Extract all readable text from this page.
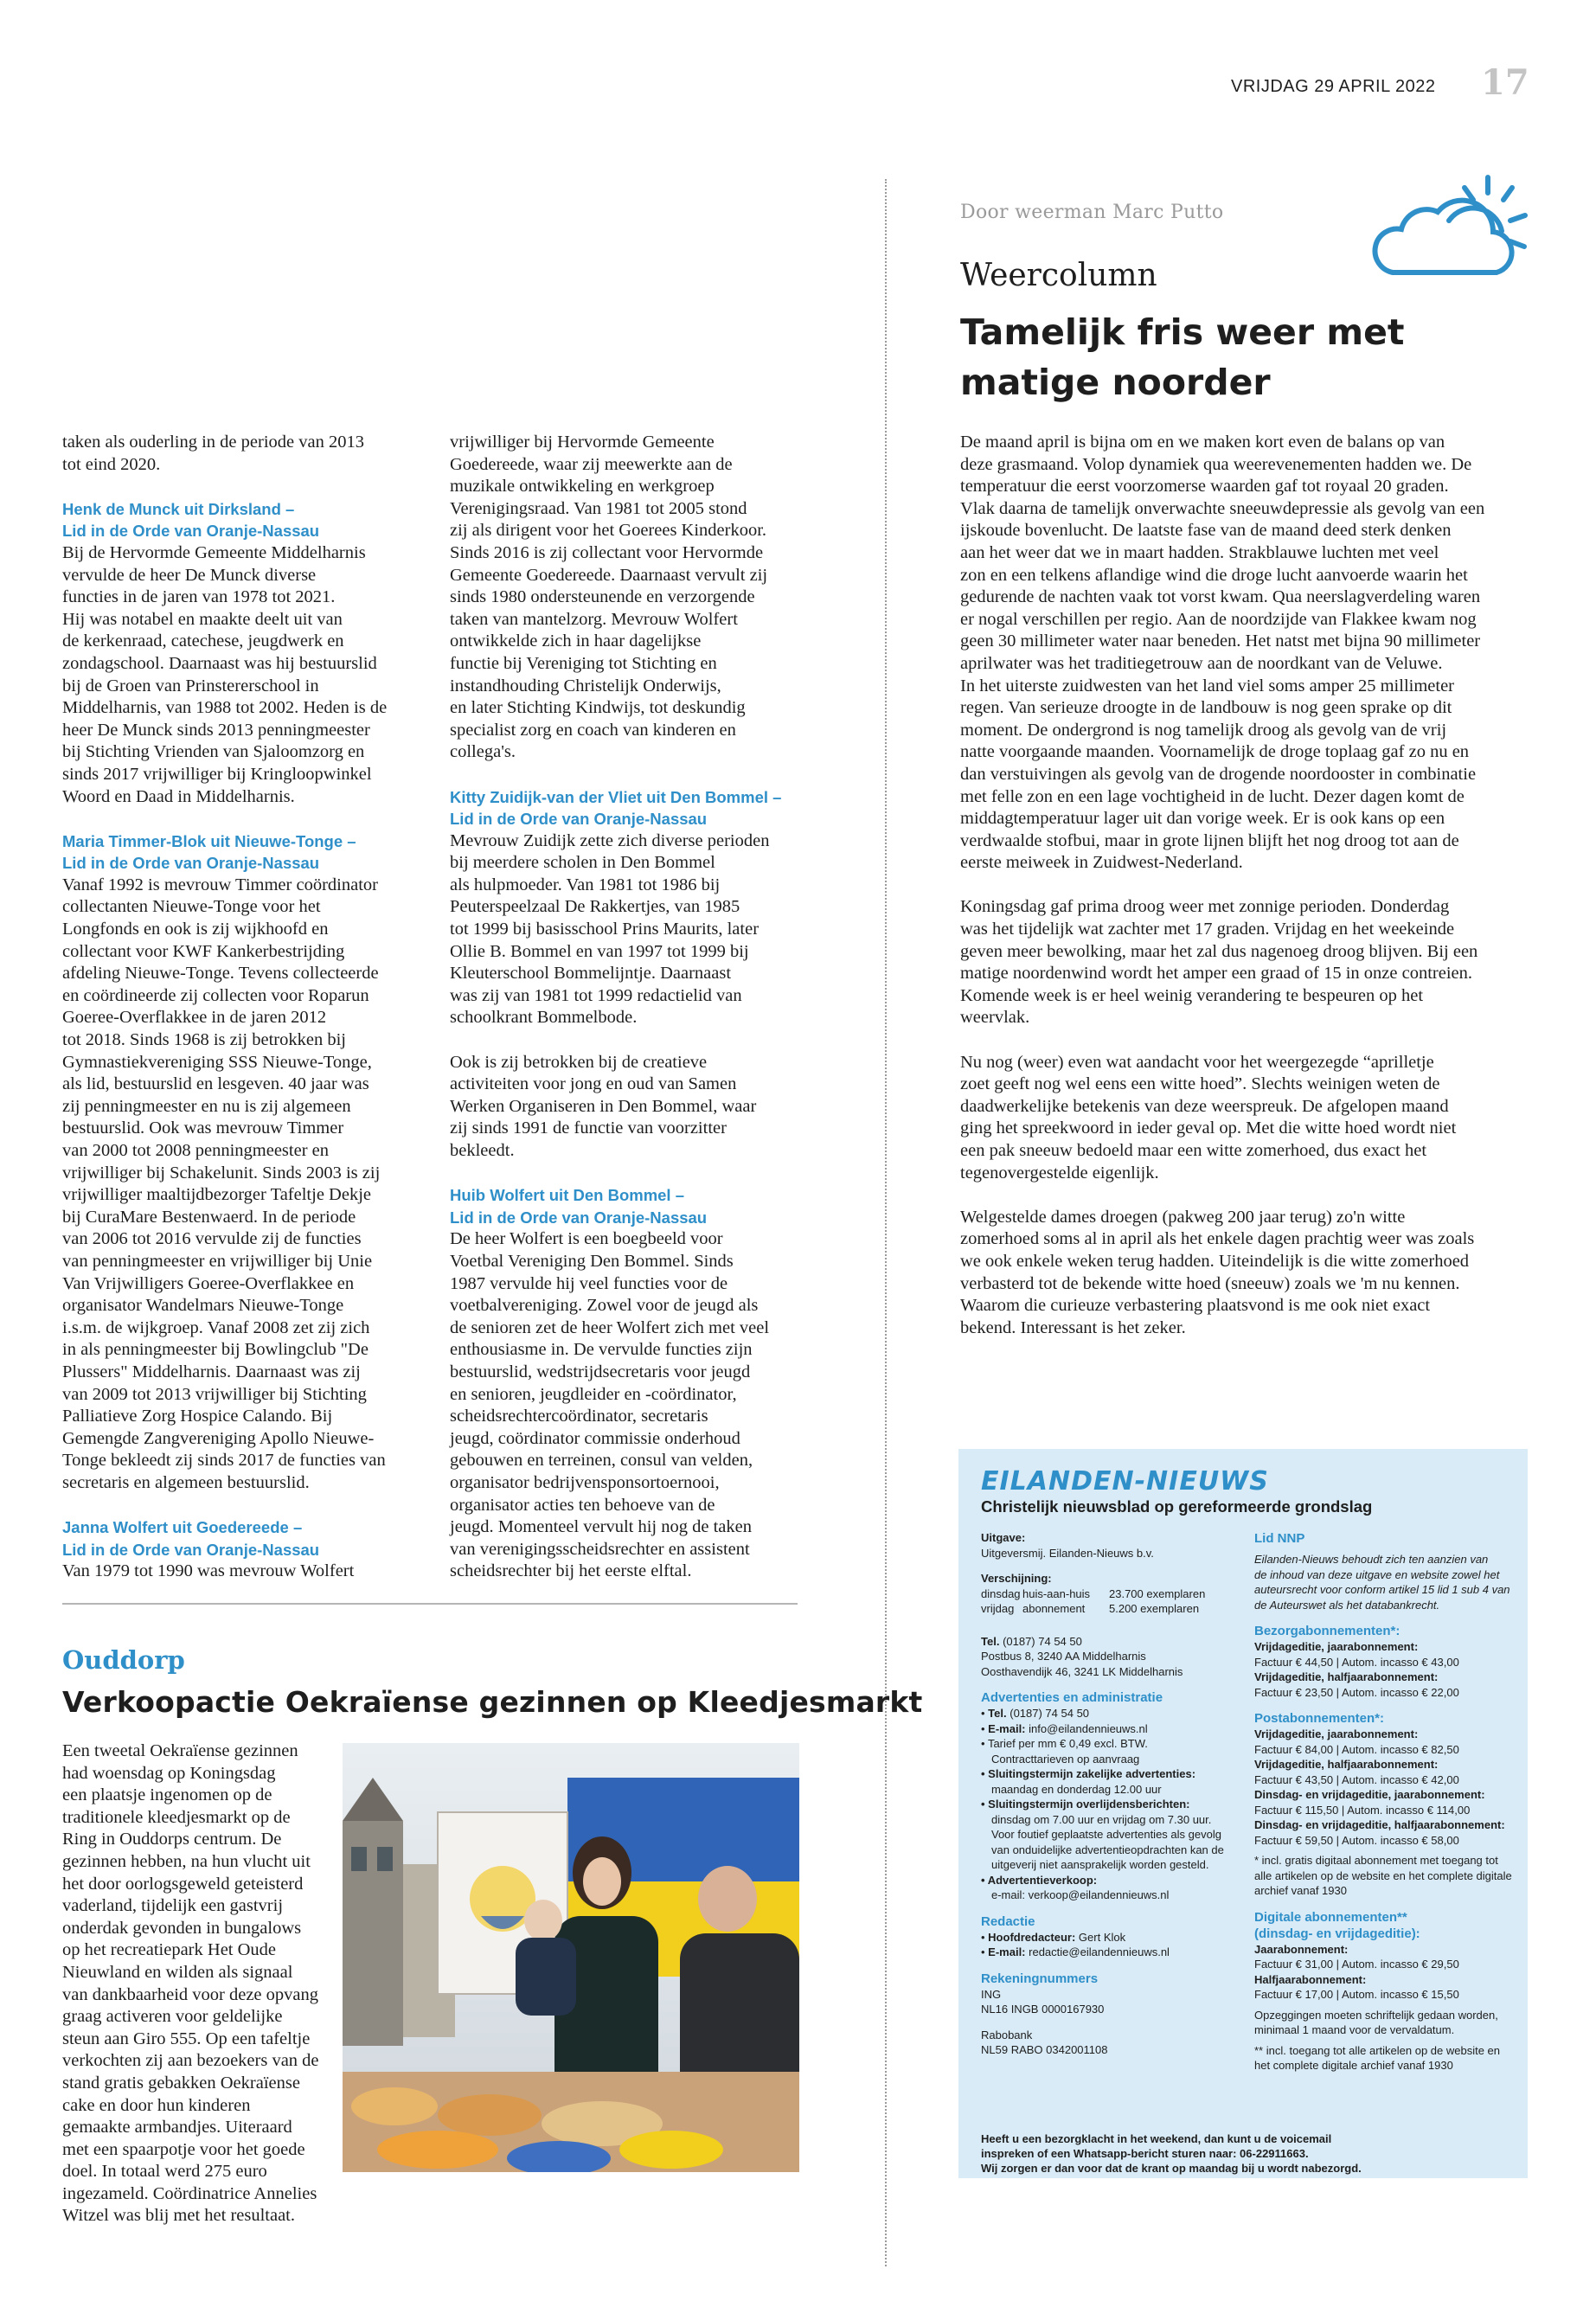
VRIJDAG 29 APRIL 2022 17
Door weerman Marc Putto
Weercolumn
Tamelijk fris weer met matige noorder

De maand april is bijna om en we maken kort even de balans op van
deze grasmaand. Volop dynamiek qua weerevenementen hadden we. De
temperatuur die eerst voorzomerse waarden gaf tot royaal 20 graden.
Vlak daarna de tamelijk onverwachte sneeuwdepressie als gevolg van een
ijskoude bovenlucht. De laatste fase van de maand deed sterk denken
aan het weer dat we in maart hadden. Strakblauwe luchten met veel
zon en een telkens aflandige wind die droge lucht aanvoerde waarin het
gedurende de nachten vaak tot vorst kwam. Qua neerslagverdeling waren
er nogal verschillen per regio. Aan de noordzijde van Flakkee kwam nog
geen 30 millimeter water naar beneden. Het natst met bijna 90 millimeter
aprilwater was het traditiegetrouw aan de noordkant van de Veluwe.
In het uiterste zuidwesten van het land viel soms amper 25 millimeter
regen. Van serieuze droogte in de landbouw is nog geen sprake op dit
moment. De ondergrond is nog tamelijk droog als gevolg van de vrij
natte voorgaande maanden. Voornamelijk de droge toplaag gaf zo nu en
dan verstuivingen als gevolg van de drogende noordooster in combinatie
met felle zon en een lage vochtigheid in de lucht. Dezer dagen komt de
middagtemperatuur lager uit dan vorige week. Er is ook kans op een
verdwaalde stofbui, maar in grote lijnen blijft het nog droog tot aan de
eerste meiweek in Zuidwest-Nederland.

Koningsdag gaf prima droog weer met zonnige perioden. Donderdag
was het tijdelijk wat zachter met 17 graden. Vrijdag en het weekeinde
geven meer bewolking, maar het zal dus nagenoeg droog blijven. Bij een
matige noordenwind wordt het amper een graad of 15 in onze contreien.
Komende week is er heel weinig verandering te bespeuren op het
weervlak.

Nu nog (weer) even wat aandacht voor het weergezegde “aprilletje
zoet geeft nog wel eens een witte hoed”. Slechts weinigen weten de
daadwerkelijke betekenis van deze weerspreuk. De afgelopen maand
ging het spreekwoord in ieder geval op. Met die witte hoed wordt niet
een pak sneeuw bedoeld maar een witte zomerhoed, dus exact het
tegenovergestelde eigenlijk.

Welgestelde dames droegen (pakweg 200 jaar terug) zo'n witte
zomerhoed soms al in april als het enkele dagen prachtig weer was zoals
we ook enkele weken terug hadden. Uiteindelijk is die witte zomerhoed
verbasterd tot de bekende witte hoed (sneeuw) zoals we 'm nu kennen.
Waarom die curieuze verbastering plaatsvond is me ook niet exact
bekend. Interessant is het zeker.

taken als ouderling in de periode van 2013
tot eind 2020.

Henk de Munck uit Dirksland –
Lid in de Orde van Oranje-Nassau

Bij de Hervormde Gemeente Middelharnis
vervulde de heer De Munck diverse
functies in de jaren van 1978 tot 2021.
Hij was notabel en maakte deelt uit van
de kerkenraad, catechese, jeugdwerk en
zondagschool. Daarnaast was hij bestuurslid
bij de Groen van Prinstererschool in
Middelharnis, van 1988 tot 2002. Heden is de
heer De Munck sinds 2013 penningmeester
bij Stichting Vrienden van Sjaloomzorg en
sinds 2017 vrijwilliger bij Kringloopwinkel
Woord en Daad in Middelharnis.

Maria Timmer-Blok uit Nieuwe-Tonge –
Lid in de Orde van Oranje-Nassau

Vanaf 1992 is mevrouw Timmer coördinator
collectanten Nieuwe-Tonge voor het
Longfonds en ook is zij wijkhoofd en
collectant voor KWF Kankerbestrijding
afdeling Nieuwe-Tonge. Tevens collecteerde
en coördineerde zij collecten voor Roparun
Goeree-Overflakkee in de jaren 2012
tot 2018. Sinds 1968 is zij betrokken bij
Gymnastiekvereniging SSS Nieuwe-Tonge,
als lid, bestuurslid en lesgeven. 40 jaar was
zij penningmeester en nu is zij algemeen
bestuurslid. Ook was mevrouw Timmer
van 2000 tot 2008 penningmeester en
vrijwilliger bij Schakelunit. Sinds 2003 is zij
vrijwilliger maaltijdbezorger Tafeltje Dekje
bij CuraMare Bestenwaerd. In de periode
van 2006 tot 2016 vervulde zij de functies
van penningmeester en vrijwilliger bij Unie
Van Vrijwilligers Goeree-Overflakkee en
organisator Wandelmars Nieuwe-Tonge
i.s.m. de wijkgroep. Vanaf 2008 zet zij zich
in als penningmeester bij Bowlingclub "De
Plussers" Middelharnis. Daarnaast was zij
van 2009 tot 2013 vrijwilliger bij Stichting
Palliatieve Zorg Hospice Calando. Bij
Gemengde Zangvereniging Apollo Nieuwe-
Tonge bekleedt zij sinds 2017 de functies van
secretaris en algemeen bestuurslid.

Janna Wolfert uit Goedereede –
Lid in de Orde van Oranje-Nassau

Van 1979 tot 1990 was mevrouw Wolfert

vrijwilliger bij Hervormde Gemeente
Goedereede, waar zij meewerkte aan de
muzikale ontwikkeling en werkgroep
Verenigingsraad. Van 1981 tot 2005 stond
zij als dirigent voor het Goerees Kinderkoor.
Sinds 2016 is zij collectant voor Hervormde
Gemeente Goedereede. Daarnaast vervult zij
sinds 1980 ondersteunende en verzorgende
taken van mantelzorg. Mevrouw Wolfert
ontwikkelde zich in haar dagelijkse
functie bij Vereniging tot Stichting en
instandhouding Christelijk Onderwijs,
en later Stichting Kindwijs, tot deskundig
specialist zorg en coach van kinderen en
collega's.

Kitty Zuidijk-van der Vliet uit Den Bommel –
Lid in de Orde van Oranje-Nassau

Mevrouw Zuidijk zette zich diverse perioden
bij meerdere scholen in Den Bommel
als hulpmoeder. Van 1981 tot 1986 bij
Peuterspeelzaal De Rakkertjes, van 1985
tot 1999 bij basisschool Prins Maurits, later
Ollie B. Bommel en van 1997 tot 1999 bij
Kleuterschool Bommelijntje. Daarnaast
was zij van 1981 tot 1999 redactielid van
schoolkrant Bommelbode.

Ook is zij betrokken bij de creatieve
activiteiten voor jong en oud van Samen
Werken Organiseren in Den Bommel, waar
zij sinds 1991 de functie van voorzitter
bekleedt.

Huib Wolfert uit Den Bommel –
Lid in de Orde van Oranje-Nassau

De heer Wolfert is een boegbeeld voor
Voetbal Vereniging Den Bommel. Sinds
1987 vervulde hij veel functies voor de
voetbalvereniging. Zowel voor de jeugd als
de senioren zet de heer Wolfert zich met veel
enthousiasme in. De vervulde functies zijn
bestuurslid, wedstrijdsecretaris voor jeugd
en senioren, jeugdleider en -coördinator,
scheidsrechtercoördinator, secretaris
jeugd, coördinator commissie onderhoud
gebouwen en terreinen, consul van velden,
organisator bedrijvensponsortoernooi,
organisator acties ten behoeve van de
jeugd. Momenteel vervult hij nog de taken
van verenigingsscheidsrechter en assistent
scheidsrechter bij het eerste elftal.

Ouddorp
Verkoopactie Oekraïense gezinnen op Kleedjesmarkt

Een tweetal Oekraïense gezinnen
had woensdag op Koningsdag
een plaatsje ingenomen op de
traditionele kleedjesmarkt op de
Ring in Ouddorps centrum. De
gezinnen hebben, na hun vlucht uit
het door oorlogsgeweld geteisterd
vaderland, tijdelijk een gastvrij
onderdak gevonden in bungalows
op het recreatiepark Het Oude
Nieuwland en wilden als signaal
van dankbaarheid voor deze opvang
graag activeren voor geldelijke
steun aan Giro 555. Op een tafeltje
verkochten zij aan bezoekers van de
stand gratis gebakken Oekraïense
cake en door hun kinderen
gemaakte armbandjes. Uiteraard
met een spaarpotje voor het goede
doel. In totaal werd 275 euro
ingezameld. Coördinatrice Annelies
Witzel was blij met het resultaat.

EILANDEN-NIEUWS
Christelijk nieuwsblad op gereformeerde grondslag
Uitgave:
Uitgeversmij. Eilanden-Nieuws b.v.
Verschijning:
dinsdag huis-aan-huis	23.700 exemplaren
vrijdag abonnement	5.200 exemplaren
Tel. (0187) 74 54 50
Postbus 8, 3240 AA Middelharnis
Oosthavendijk 46, 3241 LK Middelharnis
Advertenties en administratie
• Tel. (0187) 74 54 50
• E-mail: info@eilandennieuws.nl
• Tarief per mm € 0,49 excl. BTW.
Contracttarieven op aanvraag
• Sluitingstermijn zakelijke advertenties:
maandag en donderdag 12.00 uur
• Sluitingstermijn overlijdensberichten:
dinsdag om 7.00 uur en vrijdag om 7.30 uur.
Voor foutief geplaatste advertenties als gevolg
van onduidelijke advertentieopdrachten kan de
uitgeverij niet aansprakelijk worden gesteld.
• Advertentieverkoop:
e-mail: verkoop@eilandennieuws.nl
Redactie
• Hoofdredacteur: Gert Klok
• E-mail: redactie@eilandennieuws.nl
Rekeningnummers
ING
NL16 INGB 0000167930
Rabobank
NL59 RABO 0342001108
Lid NNP
Eilanden-Nieuws behoudt zich ten aanzien van
de inhoud van deze uitgave en website zowel het
auteursrecht voor conform artikel 15 lid 1 sub 4 van
de Auteurswet als het databankrecht.
Bezorgabonnementen*:
Vrijdageditie, jaarabonnement:
Factuur € 44,50 | Autom. incasso € 43,00
Vrijdageditie, halfjaarabonnement:
Factuur € 23,50 | Autom. incasso € 22,00
Postabonnementen*:
Vrijdageditie, jaarabonnement:
Factuur € 84,00 | Autom. incasso € 82,50
Vrijdageditie, halfjaarabonnement:
Factuur € 43,50 | Autom. incasso € 42,00
Dinsdag- en vrijdageditie, jaarabonnement:
Factuur € 115,50 | Autom. incasso € 114,00
Dinsdag- en vrijdageditie, halfjaarabonnement:
Factuur € 59,50 | Autom. incasso € 58,00
* incl. gratis digitaal abonnement met toegang tot
alle artikelen op de website en het complete digitale
archief vanaf 1930
Digitale abonnementen**
(dinsdag- en vrijdageditie):
Jaarabonnement:
Factuur € 31,00 | Autom. incasso € 29,50
Halfjaarabonnement:
Factuur € 17,00 | Autom. incasso € 15,50
Opzeggingen moeten schriftelijk gedaan worden,
minimaal 1 maand voor de vervaldatum.
** incl. toegang tot alle artikelen op de website en
het complete digitale archief vanaf 1930
Heeft u een bezorgklacht in het weekend, dan kunt u de voicemail
inspreken of een Whatsapp-bericht sturen naar: 06-22911663.
Wij zorgen er dan voor dat de krant op maandag bij u wordt nabezorgd.
